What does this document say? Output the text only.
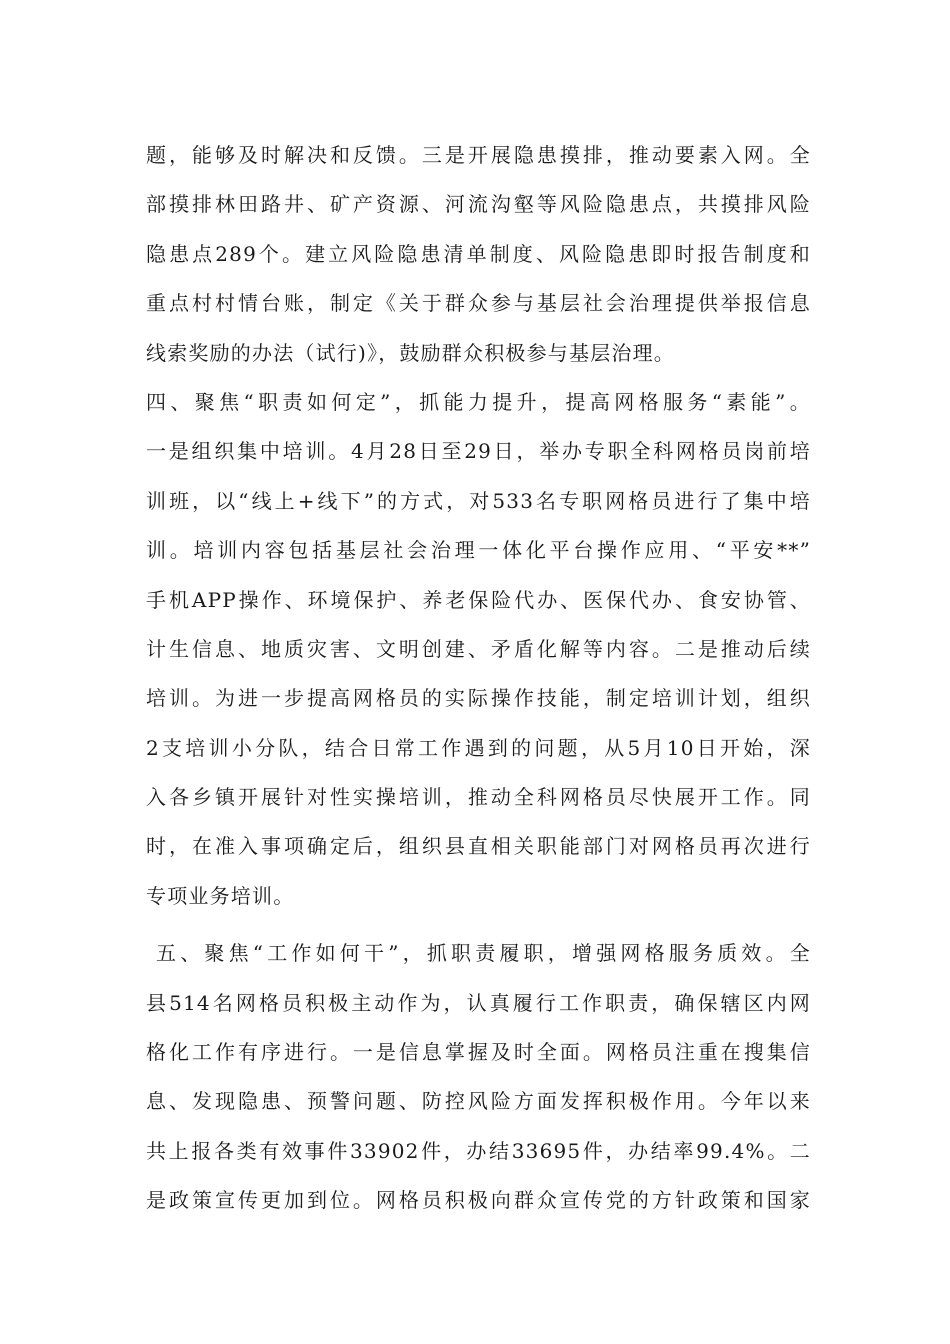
题，能够及时解决和反馈。三是开展隐患摸排，推动要素入网。全
部摸排林田路井、矿产资源、河流沟壑等风险隐患点，共摸排风险
隐患点289个。建立风险隐患清单制度、风险隐患即时报告制度和
重点村村情台账，制定《关于群众参与基层社会治理提供举报信息
线索奖励的办法（试行)》，鼓励群众积极参与基层治理。
四、聚焦“职责如何定”，抓能力提升，提高网格服务“素能”。
一是组织集中培训。4月28日至29日，举办专职全科网格员岗前培
训班，以“线上+线下”的方式，对533名专职网格员进行了集中培
训。培训内容包括基层社会治理一体化平台操作应用、“平安**”
手机APP操作、环境保护、养老保险代办、医保代办、食安协管、
计生信息、地质灾害、文明创建、矛盾化解等内容。二是推动后续
培训。为进一步提高网格员的实际操作技能，制定培训计划，组织
2支培训小分队，结合日常工作遇到的问题，从5月10日开始，深
入各乡镇开展针对性实操培训，推动全科网格员尽快展开工作。同
时，在准入事项确定后，组织县直相关职能部门对网格员再次进行
专项业务培训。
五、聚焦“工作如何干”，抓职责履职，增强网格服务质效。全
县514名网格员积极主动作为，认真履行工作职责，确保辖区内网
格化工作有序进行。一是信息掌握及时全面。网格员注重在搜集信
息、发现隐患、预警问题、防控风险方面发挥积极作用。今年以来
共上报各类有效事件33902件，办结33695件，办结率99.4%。二
是政策宣传更加到位。网格员积极向群众宣传党的方针政策和国家
